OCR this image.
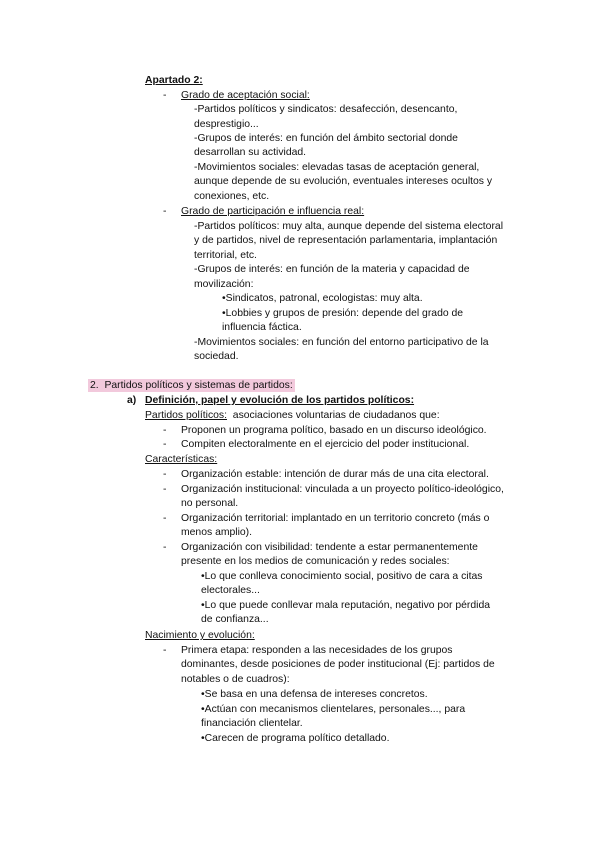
Apartado 2:
- Grado de aceptación social:
-Partidos políticos y sindicatos: desafección, desencanto,
desprestigio...
-Grupos de interés: en función del ámbito sectorial donde
desarrollan su actividad.
-Movimientos sociales: elevadas tasas de aceptación general,
aunque depende de su evolución, eventuales intereses ocultos y
conexiones, etc.
- Grado de participación e influencia real:
-Partidos políticos: muy alta, aunque depende del sistema electoral
y de partidos, nivel de representación parlamentaria, implantación
territorial, etc.
-Grupos de interés: en función de la materia y capacidad de
movilización:
•Sindicatos, patronal, ecologistas: muy alta.
•Lobbies y grupos de presión: depende del grado de
influencia fáctica.
-Movimientos sociales: en función del entorno participativo de la
sociedad.
2. Partidos políticos y sistemas de partidos:
a) Definición, papel y evolución de los partidos políticos:
Partidos políticos: asociaciones voluntarias de ciudadanos que:
- Proponen un programa político, basado en un discurso ideológico.
- Compiten electoralmente en el ejercicio del poder institucional.
Características:
- Organización estable: intención de durar más de una cita electoral.
- Organización institucional: vinculada a un proyecto político-ideológico,
no personal.
- Organización territorial: implantado en un territorio concreto (más o
menos amplio).
- Organización con visibilidad: tendente a estar permanentemente
presente en los medios de comunicación y redes sociales:
•Lo que conlleva conocimiento social, positivo de cara a citas
electorales...
•Lo que puede conllevar mala reputación, negativo por pérdida
de confianza...
Nacimiento y evolución:
- Primera etapa: responden a las necesidades de los grupos
dominantes, desde posiciones de poder institucional (Ej: partidos de
notables o de cuadros):
•Se basa en una defensa de intereses concretos.
•Actúan con mecanismos clientelares, personales..., para
financiación clientelar.
•Carecen de programa político detallado.
